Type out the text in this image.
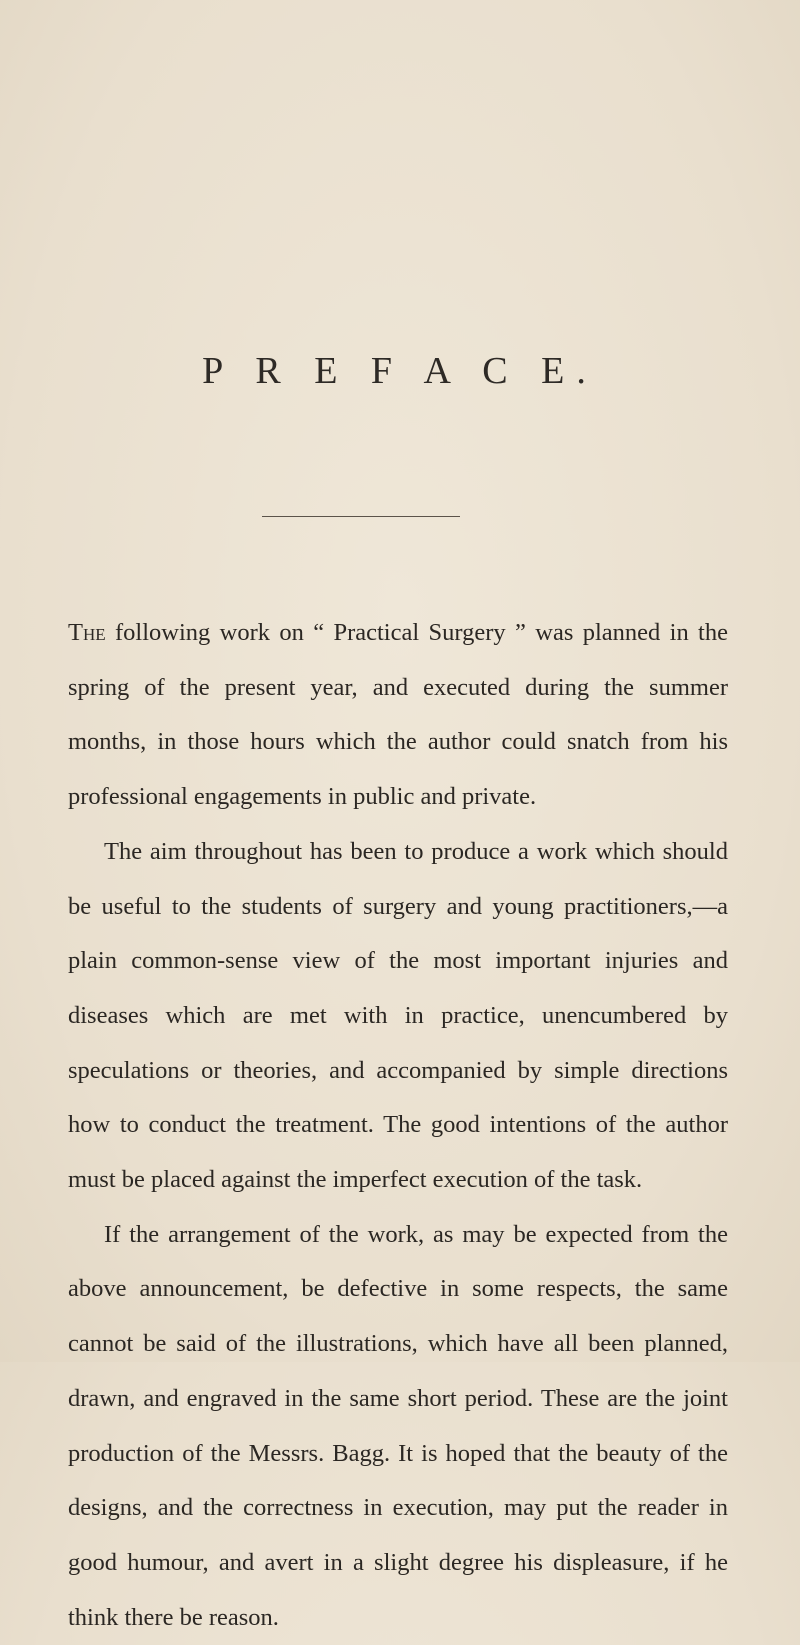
P R E F A C E.

The following work on “ Practical Surgery ” was planned in the spring of the present year, and executed during the summer months, in those hours which the author could snatch from his professional engagements in public and private.

The aim throughout has been to produce a work which should be useful to the students of surgery and young practitioners,—a plain common-sense view of the most important injuries and diseases which are met with in practice, unencumbered by speculations or theories, and accompanied by simple directions how to conduct the treatment. The good intentions of the author must be placed against the imperfect execution of the task.

If the arrangement of the work, as may be expected from the above announcement, be defective in some respects, the same cannot be said of the illustrations, which have all been planned, drawn, and engraved in the same short period. These are the joint production of the Messrs. Bagg. It is hoped that the beauty of the designs, and the correctness in execution, may put the reader in good humour, and avert in a slight degree his displeasure, if he think there be reason.
